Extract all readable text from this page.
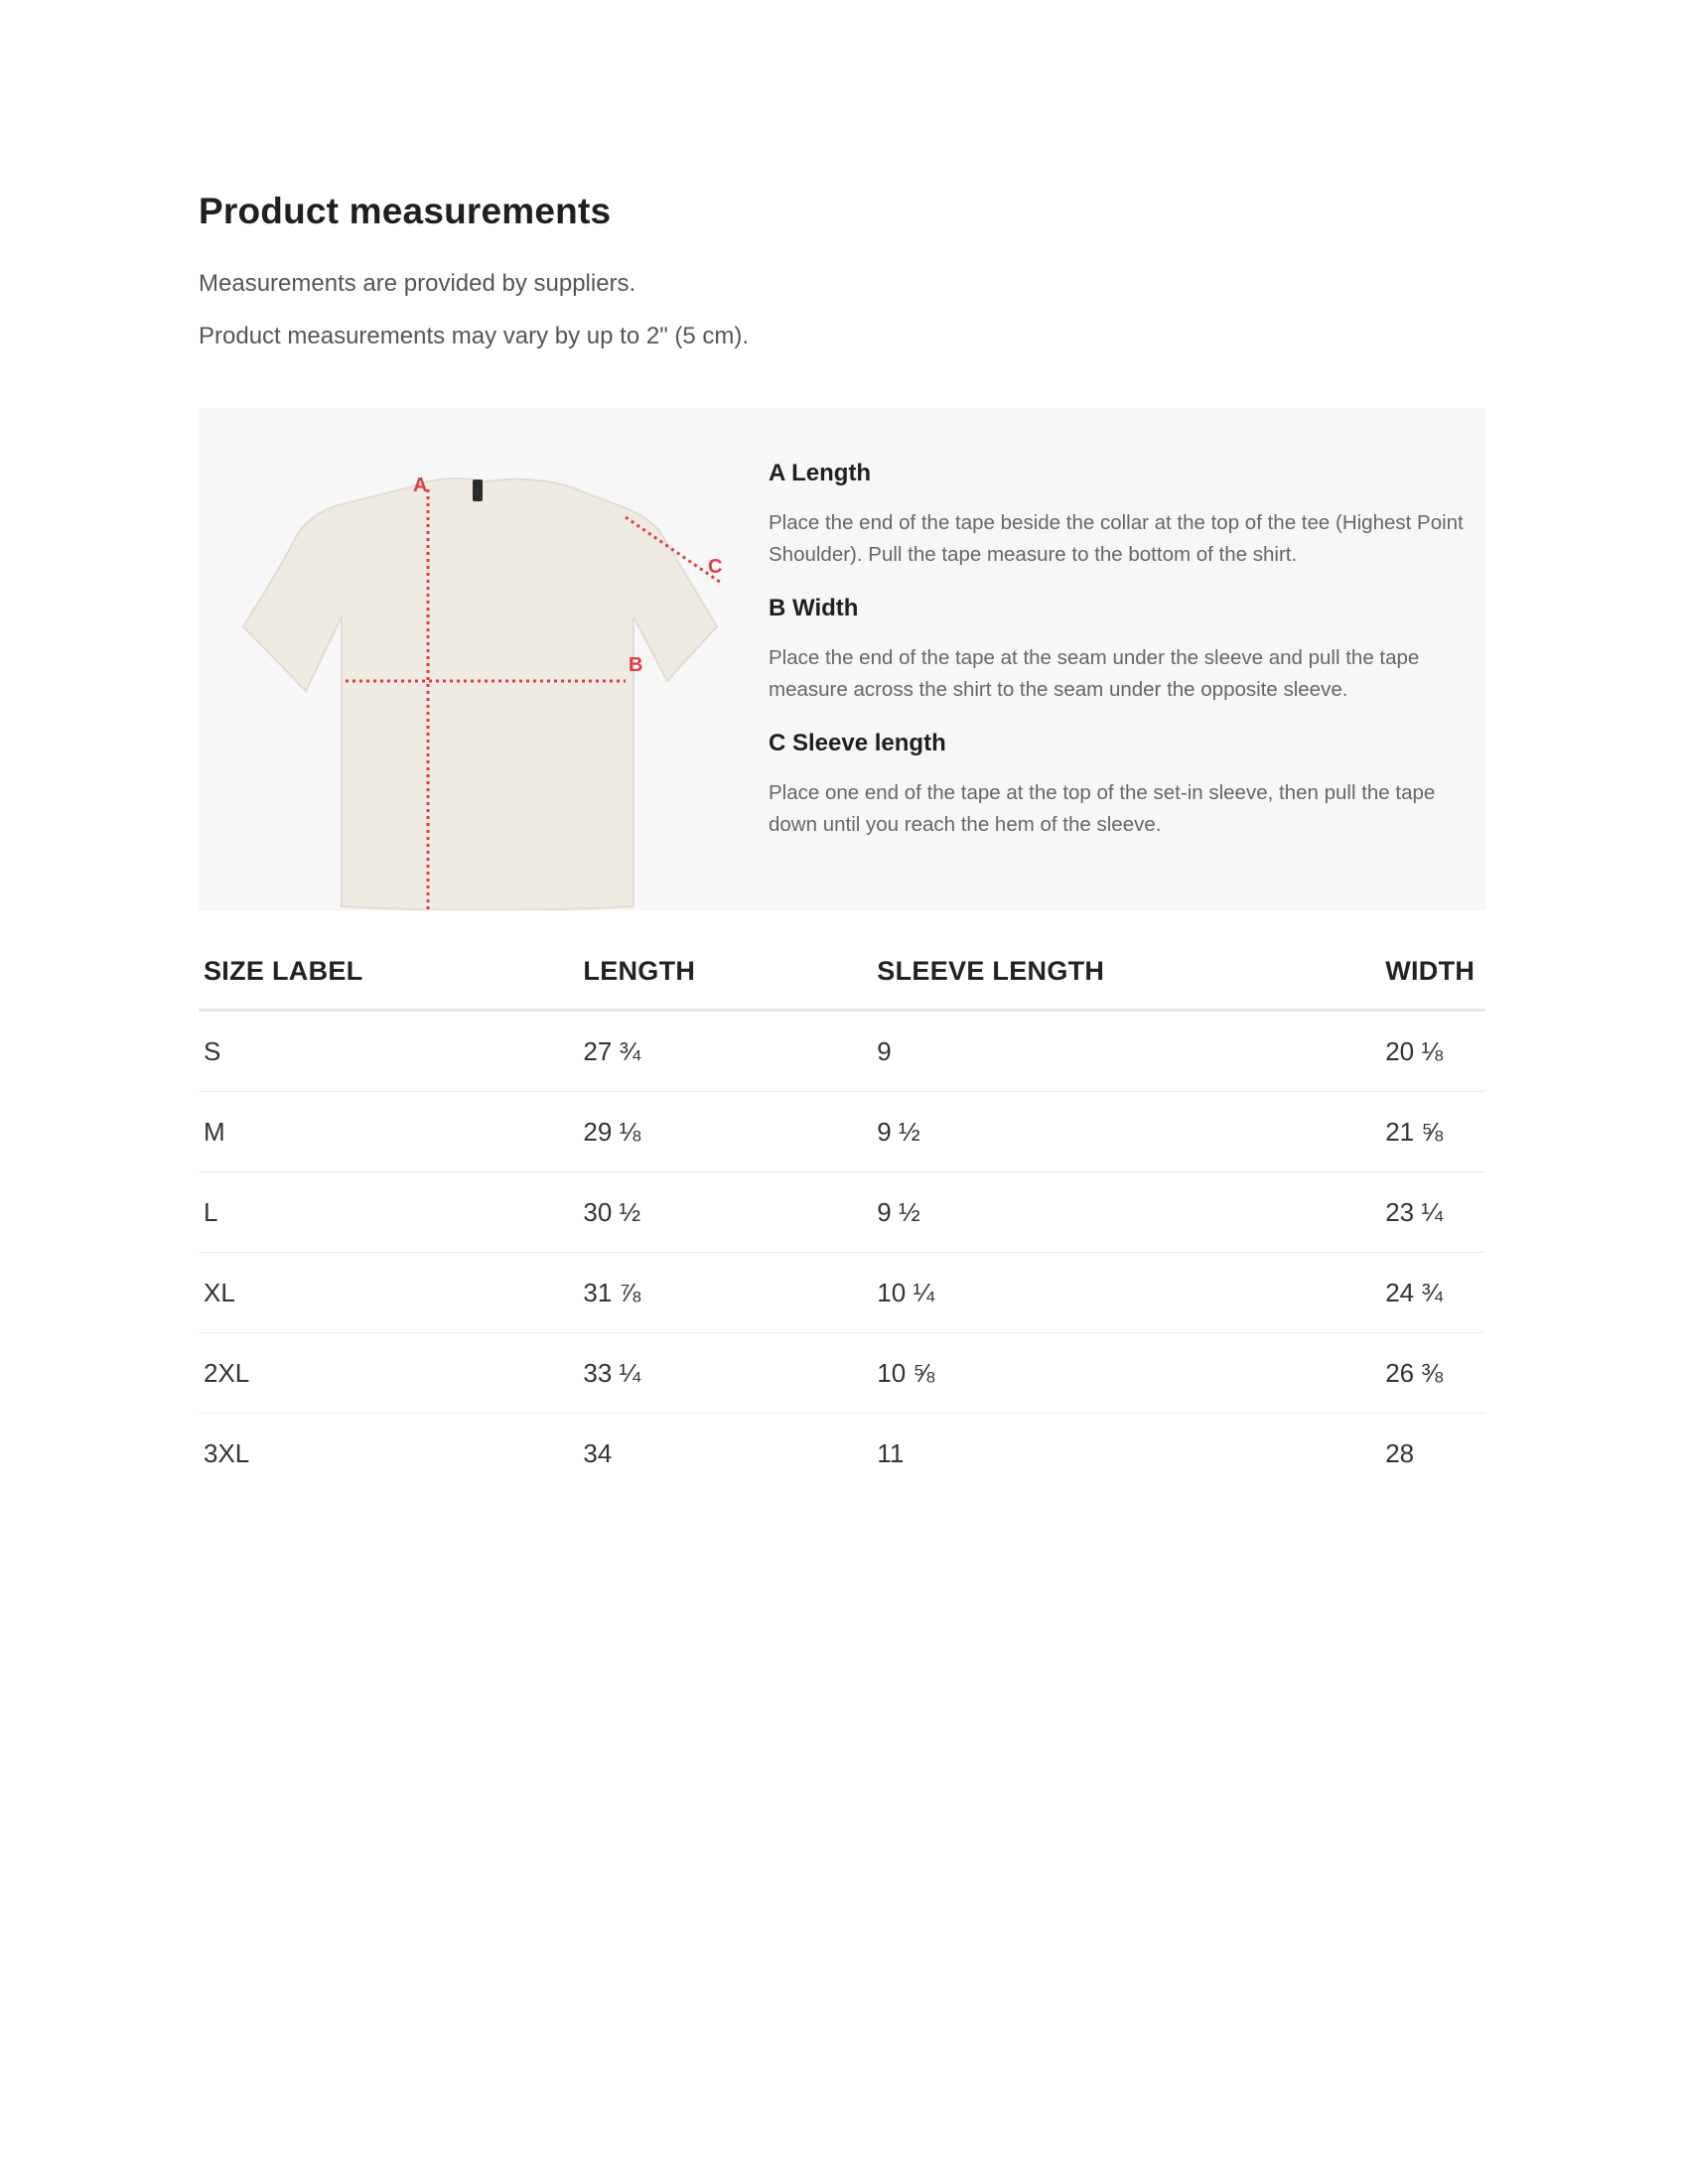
Product measurements

Measurements are provided by suppliers.

Product measurements may vary by up to 2" (5 cm).

A
B
C
A Length

Place the end of the tape beside the collar at the top of the tee (Highest Point Shoulder). Pull the tape measure to the bottom of the shirt.

B Width

Place the end of the tape at the seam under the sleeve and pull the tape measure across the shirt to the seam under the opposite sleeve.

C Sleeve length

Place one end of the tape at the top of the set-in sleeve, then pull the tape down until you reach the hem of the sleeve.

SIZE LABEL	LENGTH	SLEEVE LENGTH	WIDTH
S	27 ¾	9	20 ⅛
M	29 ⅛	9 ½	21 ⅝
L	30 ½	9 ½	23 ¼
XL	31 ⅞	10 ¼	24 ¾
2XL	33 ¼	10 ⅝	26 ⅜
3XL	34	11	28
